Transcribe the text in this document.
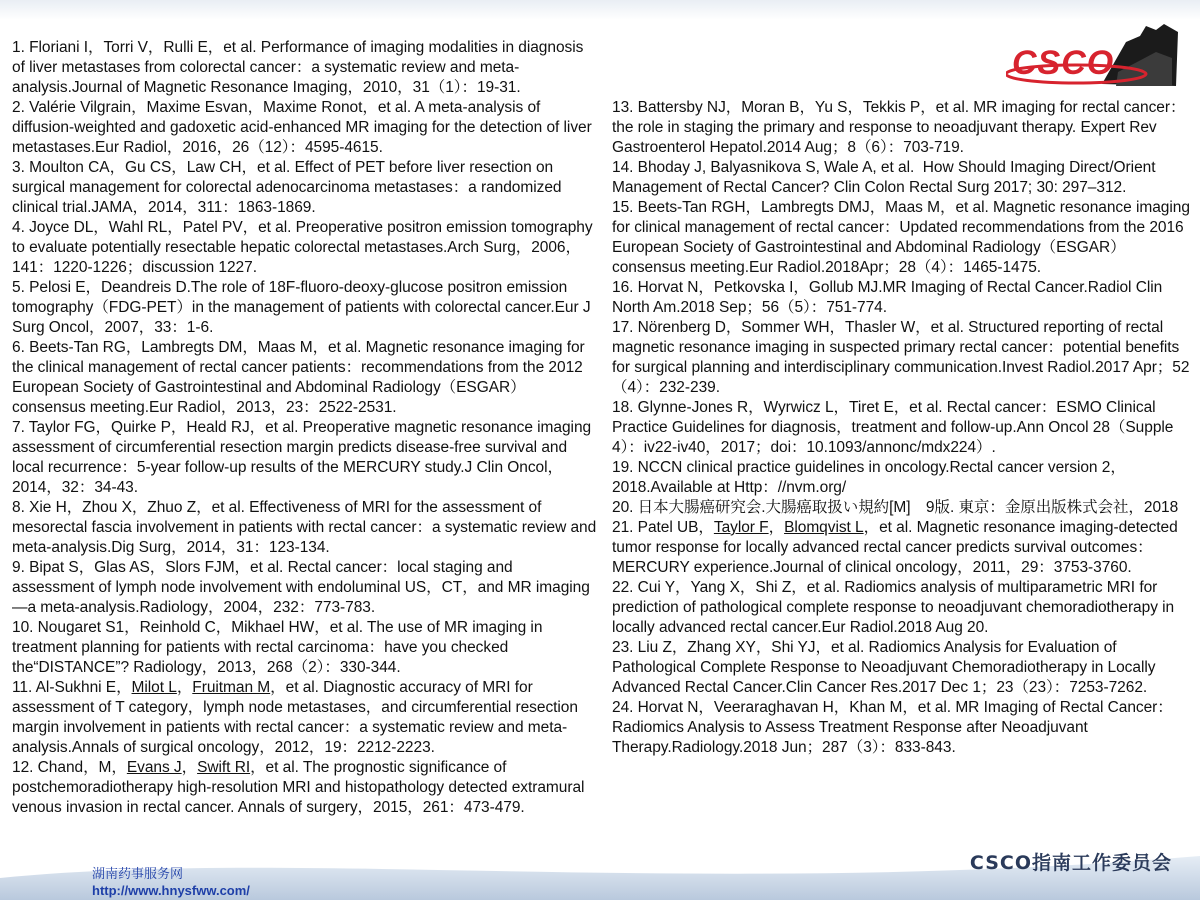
CSCO

1. Floriani I，Torri V，Rulli E，et al. Performance of imaging modalities in diagnosis of liver metastases from colorectal cancer：a systematic review and meta-analysis.Journal of Magnetic Resonance Imaging，2010，31（1）：19-31.

2. Valérie Vilgrain，Maxime Esvan，Maxime Ronot，et al. A meta-analysis of diffusion-weighted and gadoxetic acid-enhanced MR imaging for the detection of liver metastases.Eur Radiol，2016，26（12）：4595-4615.

3. Moulton CA，Gu CS，Law CH，et al. Effect of PET before liver resection on surgical management for colorectal adenocarcinoma metastases：a randomized clinical trial.JAMA，2014，311：1863-1869.

4. Joyce DL，Wahl RL，Patel PV，et al. Preoperative positron emission tomography to evaluate potentially resectable hepatic colorectal metastases.Arch Surg，2006，141：1220-1226；discussion 1227.

5. Pelosi E，Deandreis D.The role of 18F-fluoro-deoxy-glucose positron emission tomography（FDG-PET）in the management of patients with colorectal cancer.Eur J Surg Oncol，2007，33：1-6.

6. Beets-Tan RG，Lambregts DM，Maas M，et al. Magnetic resonance imaging for the clinical management of rectal cancer patients：recommendations from the 2012 European Society of Gastrointestinal and Abdominal Radiology（ESGAR）consensus meeting.Eur Radiol，2013，23：2522-2531.

7. Taylor FG，Quirke P，Heald RJ，et al. Preoperative magnetic resonance imaging assessment of circumferential resection margin predicts disease-free survival and local recurrence：5-year follow-up results of the MERCURY study.J Clin Oncol，2014，32：34-43.

8. Xie H，Zhou X，Zhuo Z，et al. Effectiveness of MRI for the assessment of mesorectal fascia involvement in patients with rectal cancer：a systematic review and meta-analysis.Dig Surg，2014，31：123-134.

9. Bipat S，Glas AS，Slors FJM，et al. Rectal cancer：local staging and assessment of lymph node involvement with endoluminal US，CT，and MR imaging—a meta-analysis.Radiology，2004，232：773-783.

10. Nougaret S1，Reinhold C，Mikhael HW，et al. The use of MR imaging in treatment planning for patients with rectal carcinoma：have you checked the“DISTANCE”? Radiology，2013，268（2）：330-344.

11. Al-Sukhni E，Milot L，Fruitman M，et al. Diagnostic accuracy of MRI for assessment of T category，lymph node metastases，and circumferential resection margin involvement in patients with rectal cancer：a systematic review and meta-analysis.Annals of surgical oncology，2012，19：2212-2223.

12. Chand，M，Evans J，Swift RI，et al. The prognostic significance of postchemoradiotherapy high-resolution MRI and histopathology detected extramural venous invasion in rectal cancer. Annals of surgery，2015，261：473-479.

13. Battersby NJ，Moran B，Yu S，Tekkis P，et al. MR imaging for rectal cancer：the role in staging the primary and response to neoadjuvant therapy. Expert Rev Gastroenterol Hepatol.2014 Aug；8（6）：703-719.

14. Bhoday J, Balyasnikova S, Wale A, et al.  How Should Imaging Direct/Orient Management of Rectal Cancer? Clin Colon Rectal Surg 2017; 30: 297–312.

15. Beets-Tan RGH，Lambregts DMJ，Maas M，et al. Magnetic resonance imaging for clinical management of rectal cancer：Updated recommendations from the 2016 European Society of Gastrointestinal and Abdominal Radiology（ESGAR）consensus meeting.Eur Radiol.2018Apr；28（4）：1465-1475.

16. Horvat N，Petkovska I，Gollub MJ.MR Imaging of Rectal Cancer.Radiol Clin North Am.2018 Sep；56（5）：751-774.

17. Nörenberg D，Sommer WH，Thasler W，et al. Structured reporting of rectal magnetic resonance imaging in suspected primary rectal cancer：potential benefits for surgical planning and interdisciplinary communication.Invest Radiol.2017 Apr；52（4）：232-239.

18. Glynne-Jones R，Wyrwicz L，Tiret E，et al. Rectal cancer：ESMO Clinical Practice Guidelines for diagnosis，treatment and follow-up.Ann Oncol 28（Supple 4）：iv22-iv40，2017；doi：10.1093/annonc/mdx224）.

19. NCCN clinical practice guidelines in oncology.Rectal cancer version 2，2018.Available at Http：//nvm.org/

20. 日本大腸癌研究会.大腸癌取扱い規約[M]　9版. 東京：金原出版株式会社，2018

21. Patel UB，Taylor F，Blomqvist L，et al. Magnetic resonance imaging-detected tumor response for locally advanced rectal cancer predicts survival outcomes：MERCURY experience.Journal of clinical oncology，2011，29：3753-3760.

22. Cui Y，Yang X，Shi Z，et al. Radiomics analysis of multiparametric MRI for prediction of pathological complete response to neoadjuvant chemoradiotherapy in locally advanced rectal cancer.Eur Radiol.2018 Aug 20.

23. Liu Z，Zhang XY，Shi YJ，et al. Radiomics Analysis for Evaluation of Pathological Complete Response to Neoadjuvant Chemoradiotherapy in Locally Advanced Rectal Cancer.Clin Cancer Res.2017 Dec 1；23（23）：7253-7262.

24. Horvat N，Veeraraghavan H，Khan M，et al. MR Imaging of Rectal Cancer：Radiomics Analysis to Assess Treatment Response after Neoadjuvant Therapy.Radiology.2018 Jun；287（3）：833-843.

CSCO指南工作委员会
湖南药事服务网
http://www.hnysfww.com/
